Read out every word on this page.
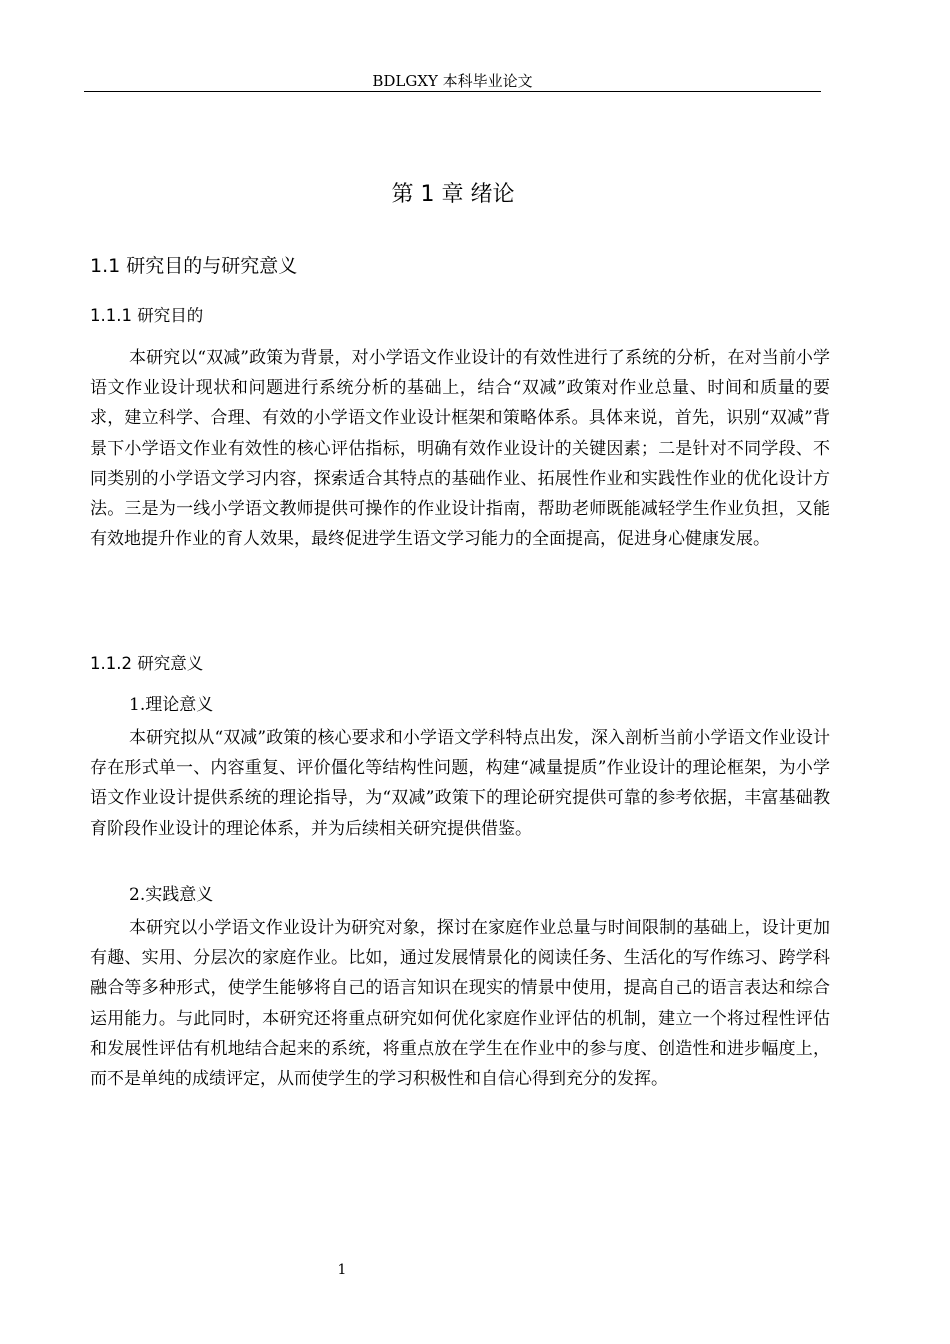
BDLGXY 本科毕业论文
第 1 章 绪论
1.1 研究目的与研究意义
1.1.1 研究目的

本研究以“双减”政策为背景，对小学语文作业设计的有效性进行了系统的分析，在对当前小学语文作业设计现状和问题进行系统分析的基础上，结合“双减”政策对作业总量、时间和质量的要求，建立科学、合理、有效的小学语文作业设计框架和策略体系。具体来说，首先，识别“双减”背景下小学语文作业有效性的核心评估指标，明确有效作业设计的关键因素；二是针对不同学段、不同类别的小学语文学习内容，探索适合其特点的基础作业、拓展性作业和实践性作业的优化设计方法。三是为一线小学语文教师提供可操作的作业设计指南，帮助老师既能减轻学生作业负担，又能有效地提升作业的育人效果，最终促进学生语文学习能力的全面提高，促进身心健康发展。

1.1.2 研究意义
1.理论意义

本研究拟从“双减”政策的核心要求和小学语文学科特点出发，深入剖析当前小学语文作业设计存在形式单一、内容重复、评价僵化等结构性问题，构建“减量提质”作业设计的理论框架，为小学语文作业设计提供系统的理论指导，为“双减”政策下的理论研究提供可靠的参考依据，丰富基础教育阶段作业设计的理论体系，并为后续相关研究提供借鉴。

2.实践意义

本研究以小学语文作业设计为研究对象，探讨在家庭作业总量与时间限制的基础上，设计更加有趣、实用、分层次的家庭作业。比如，通过发展情景化的阅读任务、生活化的写作练习、跨学科融合等多种形式，使学生能够将自己的语言知识在现实的情景中使用，提高自己的语言表达和综合运用能力。与此同时，本研究还将重点研究如何优化家庭作业评估的机制，建立一个将过程性评估和发展性评估有机地结合起来的系统，将重点放在学生在作业中的参与度、创造性和进步幅度上，而不是单纯的成绩评定，从而使学生的学习积极性和自信心得到充分的发挥。

1
